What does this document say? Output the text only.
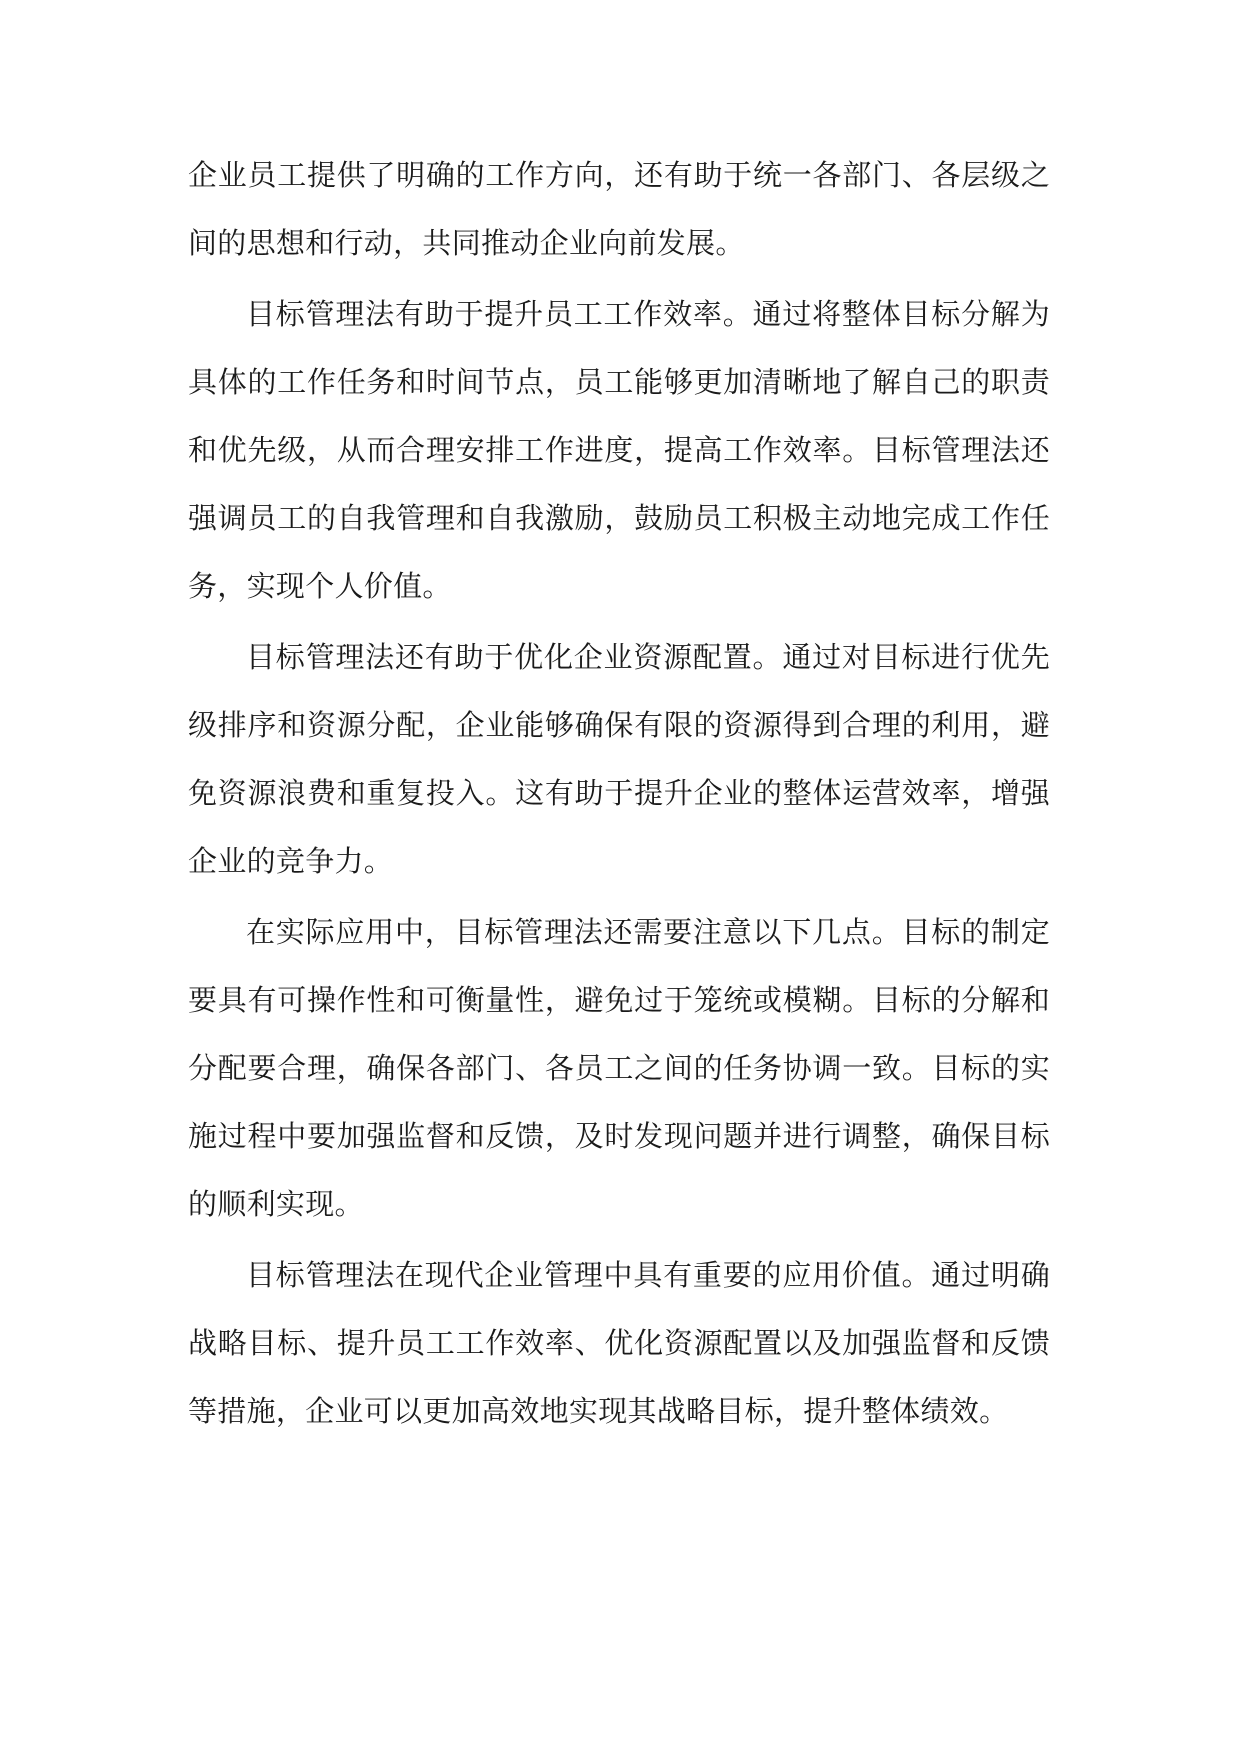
企业员工提供了明确的工作方向，还有助于统一各部门、各层级之间的思想和行动，共同推动企业向前发展。

目标管理法有助于提升员工工作效率。通过将整体目标分解为具体的工作任务和时间节点，员工能够更加清晰地了解自己的职责和优先级，从而合理安排工作进度，提高工作效率。目标管理法还强调员工的自我管理和自我激励，鼓励员工积极主动地完成工作任务，实现个人价值。

目标管理法还有助于优化企业资源配置。通过对目标进行优先级排序和资源分配，企业能够确保有限的资源得到合理的利用，避免资源浪费和重复投入。这有助于提升企业的整体运营效率，增强企业的竞争力。

在实际应用中，目标管理法还需要注意以下几点。目标的制定要具有可操作性和可衡量性，避免过于笼统或模糊。目标的分解和分配要合理，确保各部门、各员工之间的任务协调一致。目标的实施过程中要加强监督和反馈，及时发现问题并进行调整，确保目标的顺利实现。

目标管理法在现代企业管理中具有重要的应用价值。通过明确战略目标、提升员工工作效率、优化资源配置以及加强监督和反馈等措施，企业可以更加高效地实现其战略目标，提升整体绩效。
